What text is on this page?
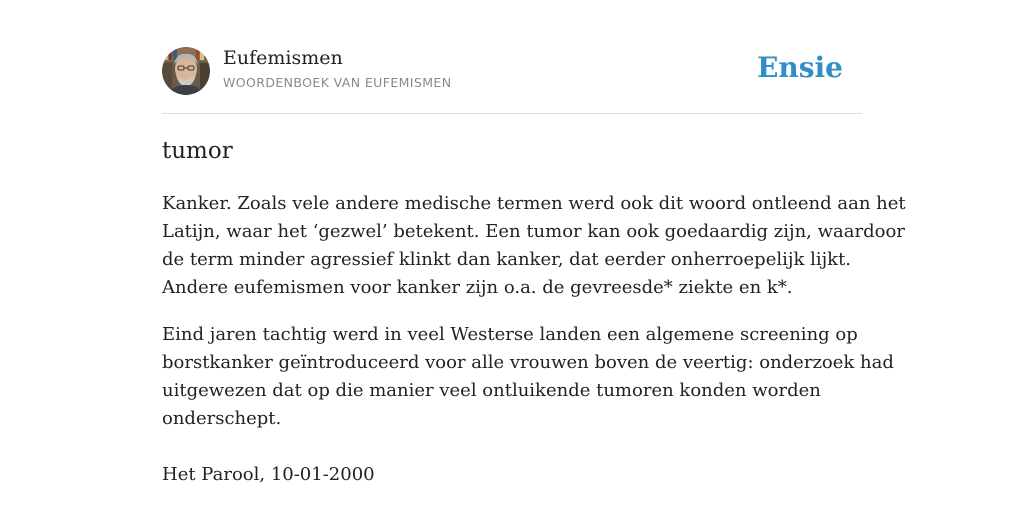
Eufemismen
WOORDENBOEK VAN EUFEMISMEN	Ensie
tumor

Kanker. Zoals vele andere medische termen werd ook dit woord ontleend aan het
Latijn, waar het ‘gezwel’ betekent. Een tumor kan ook goedaardig zijn, waardoor
de term minder agressief klinkt dan kanker, dat eerder onherroepelijk lijkt.
Andere eufemismen voor kanker zijn o.a. de gevreesde* ziekte en k*.

Eind jaren tachtig werd in veel Westerse landen een algemene screening op
borstkanker geïntroduceerd voor alle vrouwen boven de veertig: onderzoek had
uitgewezen dat op die manier veel ontluikende tumoren konden worden
onderschept.

Het Parool, 10-01-2000
